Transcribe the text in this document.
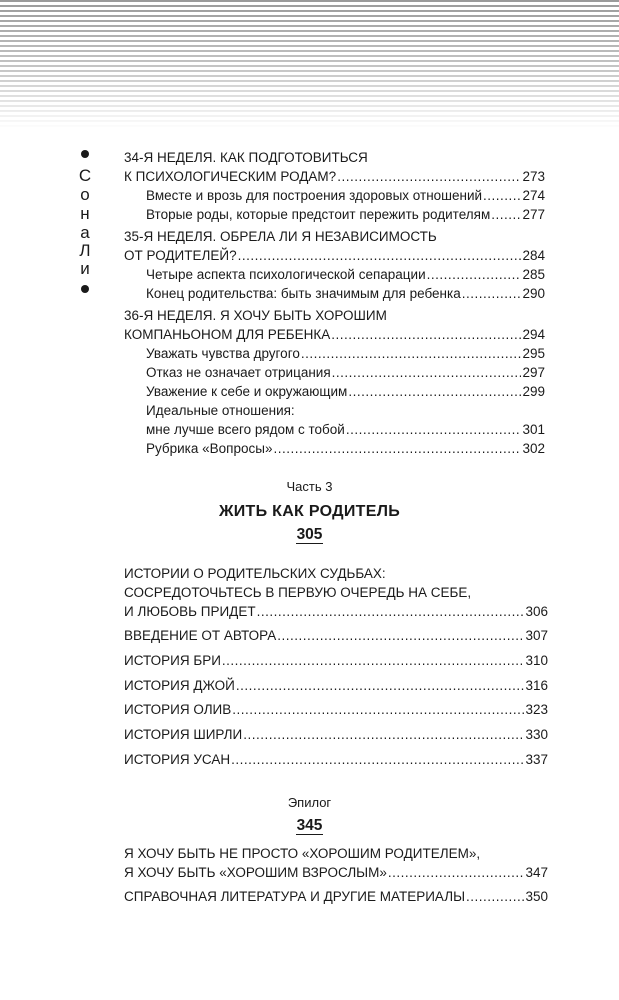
С
о
н
а
Л
и
34-Я НЕДЕЛЯ. КАК ПОДГОТОВИТЬСЯ
К ПСИХОЛОГИЧЕСКИМ РОДАМ? .....	273
Вместе и врозь для построения здоровых отношений .....	274
Вторые роды, которые предстоит пережить родителям ..... 277
35-Я НЕДЕЛЯ. ОБРЕЛА ЛИ Я НЕЗАВИСИМОСТЬ
ОТ РОДИТЕЛЕЙ? .....	284
Четыре аспекта психологической сепарации .....	285
Конец родительства: быть значимым для ребенка .....	290
36-Я НЕДЕЛЯ. Я ХОЧУ БЫТЬ ХОРОШИМ
КОМПАНЬОНОМ ДЛЯ РЕБЕНКА .....	294
Уважать чувства другого .....	295
Отказ не означает отрицания .....	297
Уважение к себе и окружающим .....	299
Идеальные отношения:
мне лучше всего рядом с тобой .....	301
Рубрика «Вопросы» .....	302
Часть 3
ЖИТЬ КАК РОДИТЕЛЬ
305
ИСТОРИИ О РОДИТЕЛЬСКИХ СУДЬБАХ:
СОСРЕДОТОЧЬТЕСЬ В ПЕРВУЮ ОЧЕРЕДЬ НА СЕБЕ,
И ЛЮБОВЬ ПРИДЕТ .....	306
ВВЕДЕНИЕ ОТ АВТОРА .....	307
ИСТОРИЯ БРИ .....	310
ИСТОРИЯ ДЖОЙ .....	316
ИСТОРИЯ ОЛИВ .....	323
ИСТОРИЯ ШИРЛИ .....	330
ИСТОРИЯ УСАН .....	337
Эпилог
345
Я ХОЧУ БЫТЬ НЕ ПРОСТО «ХОРОШИМ РОДИТЕЛЕМ»,
Я ХОЧУ БЫТЬ «ХОРОШИМ ВЗРОСЛЫМ» .....	347
СПРАВОЧНАЯ ЛИТЕРАТУРА И ДРУГИЕ МАТЕРИАЛЫ .....	350
